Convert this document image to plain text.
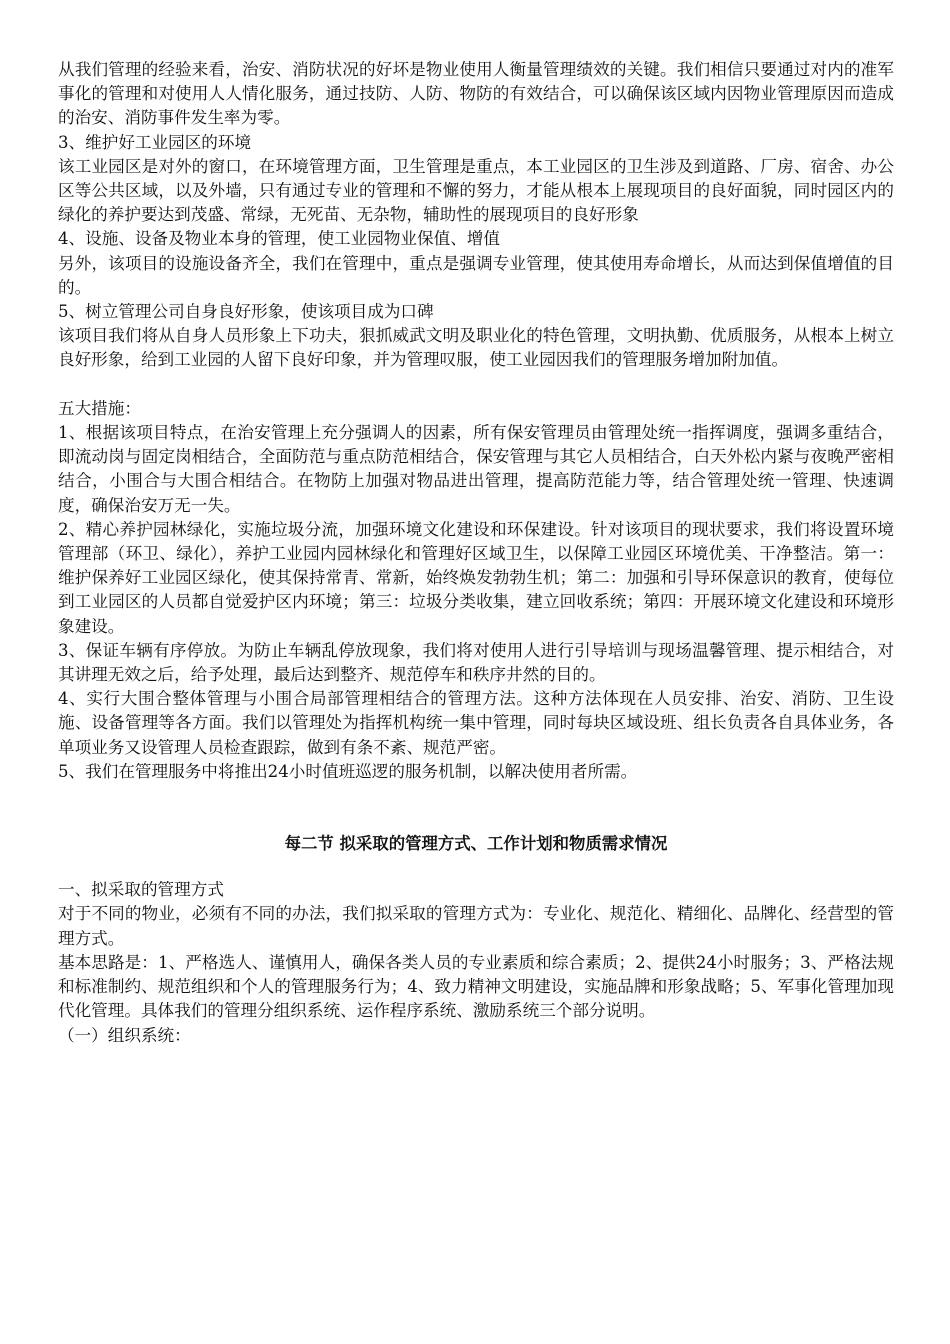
从我们管理的经验来看，治安、消防状况的好坏是物业使用人衡量管理绩效的关键。我们相信只要通过对内的准军事化的管理和对使用人人情化服务，通过技防、人防、物防的有效结合，可以确保该区域内因物业管理原因而造成的治安、消防事件发生率为零。

3、维护好工业园区的环境

该工业园区是对外的窗口，在环境管理方面，卫生管理是重点，本工业园区的卫生涉及到道路、厂房、宿舍、办公区等公共区域，以及外墙，只有通过专业的管理和不懈的努力，才能从根本上展现项目的良好面貌，同时园区内的绿化的养护要达到茂盛、常绿，无死苗、无杂物，辅助性的展现项目的良好形象

4、设施、设备及物业本身的管理，使工业园物业保值、增值

另外，该项目的设施设备齐全，我们在管理中，重点是强调专业管理，使其使用寿命增长，从而达到保值增值的目的。

5、树立管理公司自身良好形象，使该项目成为口碑

该项目我们将从自身人员形象上下功夫，狠抓威武文明及职业化的特色管理，文明执勤、优质服务，从根本上树立良好形象，给到工业园的人留下良好印象，并为管理叹服，使工业园因我们的管理服务增加附加值。

五大措施：

1、根据该项目特点，在治安管理上充分强调人的因素，所有保安管理员由管理处统一指挥调度，强调多重结合，即流动岗与固定岗相结合，全面防范与重点防范相结合，保安管理与其它人员相结合，白天外松内紧与夜晚严密相结合，小围合与大围合相结合。在物防上加强对物品进出管理，提高防范能力等，结合管理处统一管理、快速调度，确保治安万无一失。

2、精心养护园林绿化，实施垃圾分流，加强环境文化建设和环保建设。针对该项目的现状要求，我们将设置环境管理部（环卫、绿化），养护工业园内园林绿化和管理好区域卫生，以保障工业园区环境优美、干净整洁。第一：维护保养好工业园区绿化，使其保持常青、常新，始终焕发勃勃生机；第二：加强和引导环保意识的教育，使每位到工业园区的人员都自觉爱护区内环境；第三：垃圾分类收集，建立回收系统；第四：开展环境文化建设和环境形象建设。

3、保证车辆有序停放。为防止车辆乱停放现象，我们将对使用人进行引导培训与现场温馨管理、提示相结合，对其讲理无效之后，给予处理，最后达到整齐、规范停车和秩序井然的目的。

4、实行大围合整体管理与小围合局部管理相结合的管理方法。这种方法体现在人员安排、治安、消防、卫生设施、设备管理等各方面。我们以管理处为指挥机构统一集中管理，同时每块区域设班、组长负责各自具体业务，各单项业务又设管理人员检查跟踪，做到有条不紊、规范严密。

5、我们在管理服务中将推出24小时值班巡逻的服务机制，以解决使用者所需。

每二节 拟采取的管理方式、工作计划和物质需求情况

一、拟采取的管理方式

对于不同的物业，必须有不同的办法，我们拟采取的管理方式为：专业化、规范化、精细化、品牌化、经营型的管理方式。

基本思路是：1、严格选人、谨慎用人，确保各类人员的专业素质和综合素质；2、提供24小时服务；3、严格法规和标准制约、规范组织和个人的管理服务行为；4、致力精神文明建设，实施品牌和形象战略；5、军事化管理加现代化管理。具体我们的管理分组织系统、运作程序系统、激励系统三个部分说明。

（一）组织系统：
